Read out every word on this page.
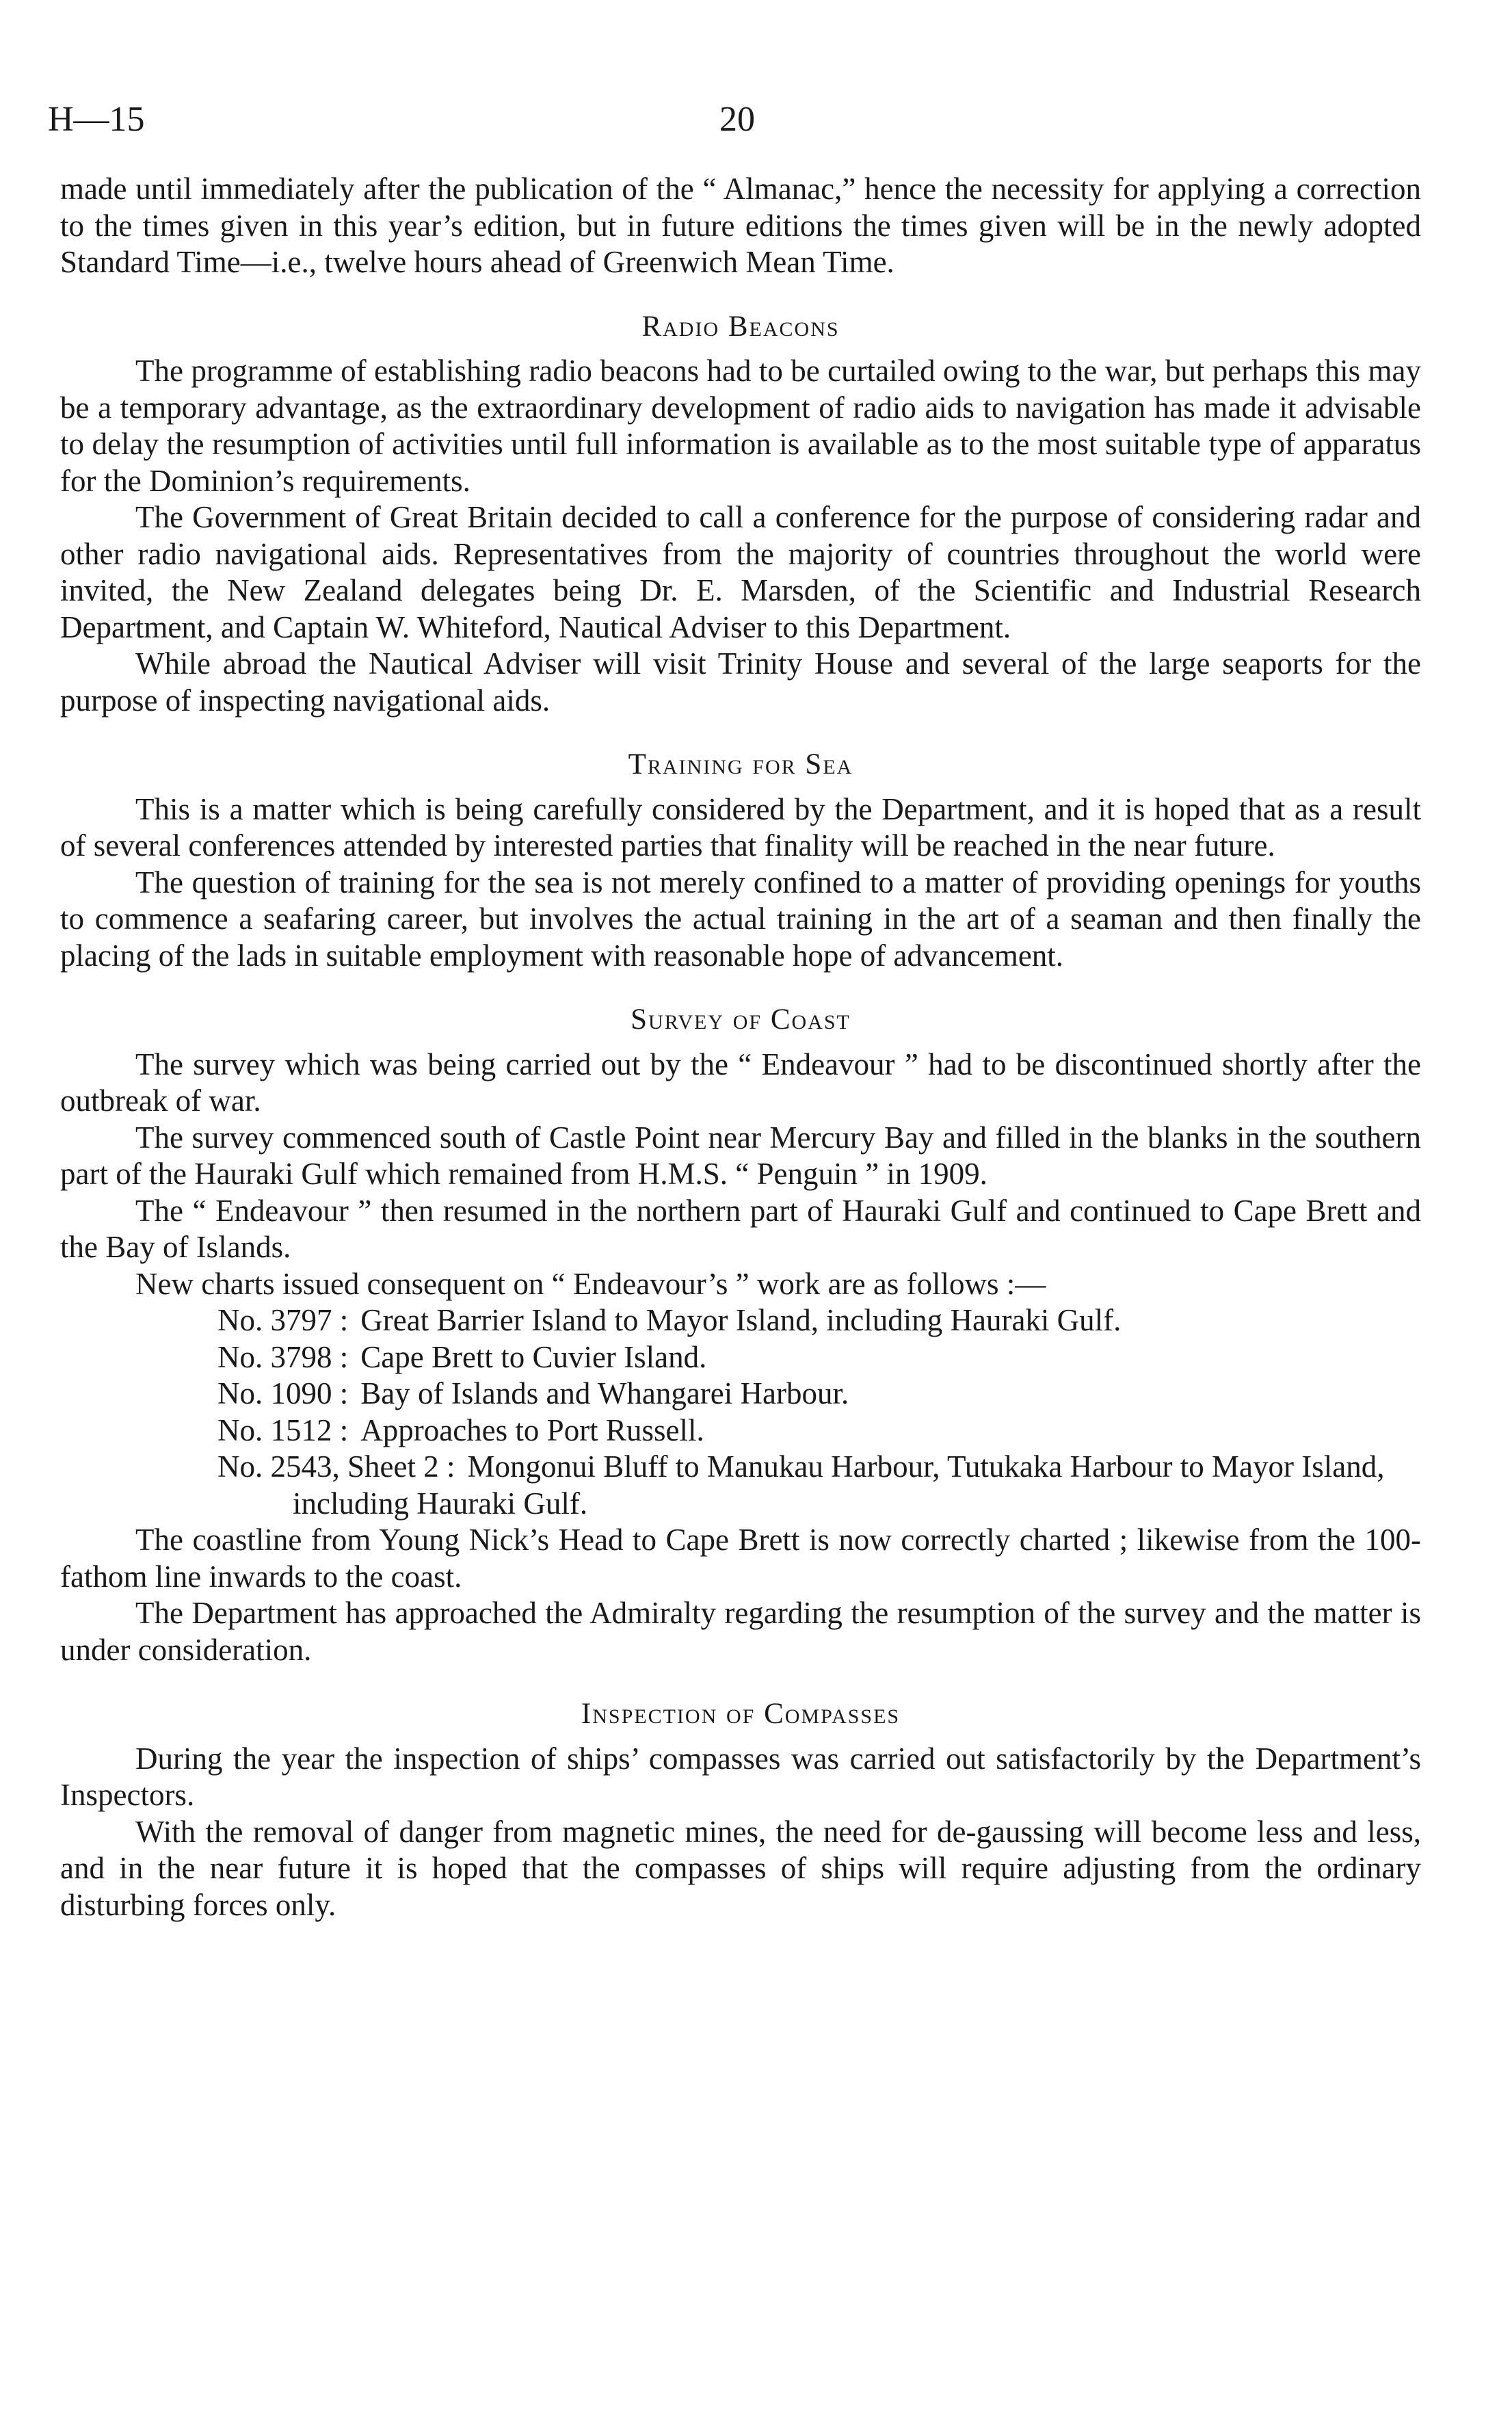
H—15	20

made until immediately after the publication of the “ Almanac,” hence the necessity for applying a correction to the times given in this year’s edition, but in future editions the times given will be in the newly adopted Standard Time—i.e., twelve hours ahead of Greenwich Mean Time.

Radio Beacons

The programme of establishing radio beacons had to be curtailed owing to the war, but perhaps this may be a temporary advantage, as the extraordinary development of radio aids to navigation has made it advisable to delay the resumption of activities until full information is available as to the most suitable type of apparatus for the Dominion’s requirements.

The Government of Great Britain decided to call a conference for the purpose of considering radar and other radio navigational aids. Representatives from the majority of countries throughout the world were invited, the New Zealand delegates being Dr. E. Marsden, of the Scientific and Industrial Research Department, and Captain W. Whiteford, Nautical Adviser to this Department.

While abroad the Nautical Adviser will visit Trinity House and several of the large seaports for the purpose of inspecting navigational aids.

Training for Sea

This is a matter which is being carefully considered by the Department, and it is hoped that as a result of several conferences attended by interested parties that finality will be reached in the near future.

The question of training for the sea is not merely confined to a matter of providing openings for youths to commence a seafaring career, but involves the actual training in the art of a seaman and then finally the placing of the lads in suitable employment with reasonable hope of advancement.

Survey of Coast

The survey which was being carried out by the “ Endeavour ” had to be discontinued shortly after the outbreak of war.

The survey commenced south of Castle Point near Mercury Bay and filled in the blanks in the southern part of the Hauraki Gulf which remained from H.M.S. “ Penguin ” in 1909.

The “ Endeavour ” then resumed in the northern part of Hauraki Gulf and continued to Cape Brett and the Bay of Islands.

New charts issued consequent on “ Endeavour’s ” work are as follows :—

No. 3797 : Great Barrier Island to Mayor Island, including Hauraki Gulf.
No. 3798 : Cape Brett to Cuvier Island.
No. 1090 : Bay of Islands and Whangarei Harbour.
No. 1512 : Approaches to Port Russell.
No. 2543, Sheet 2 : Mongonui Bluff to Manukau Harbour, Tutukaka Harbour to Mayor Island, including Hauraki Gulf.

The coastline from Young Nick’s Head to Cape Brett is now correctly charted ; likewise from the 100-fathom line inwards to the coast.

The Department has approached the Admiralty regarding the resumption of the survey and the matter is under consideration.

Inspection of Compasses

During the year the inspection of ships’ compasses was carried out satisfactorily by the Department’s Inspectors.

With the removal of danger from magnetic mines, the need for de-gaussing will become less and less, and in the near future it is hoped that the compasses of ships will require adjusting from the ordinary disturbing forces only.
